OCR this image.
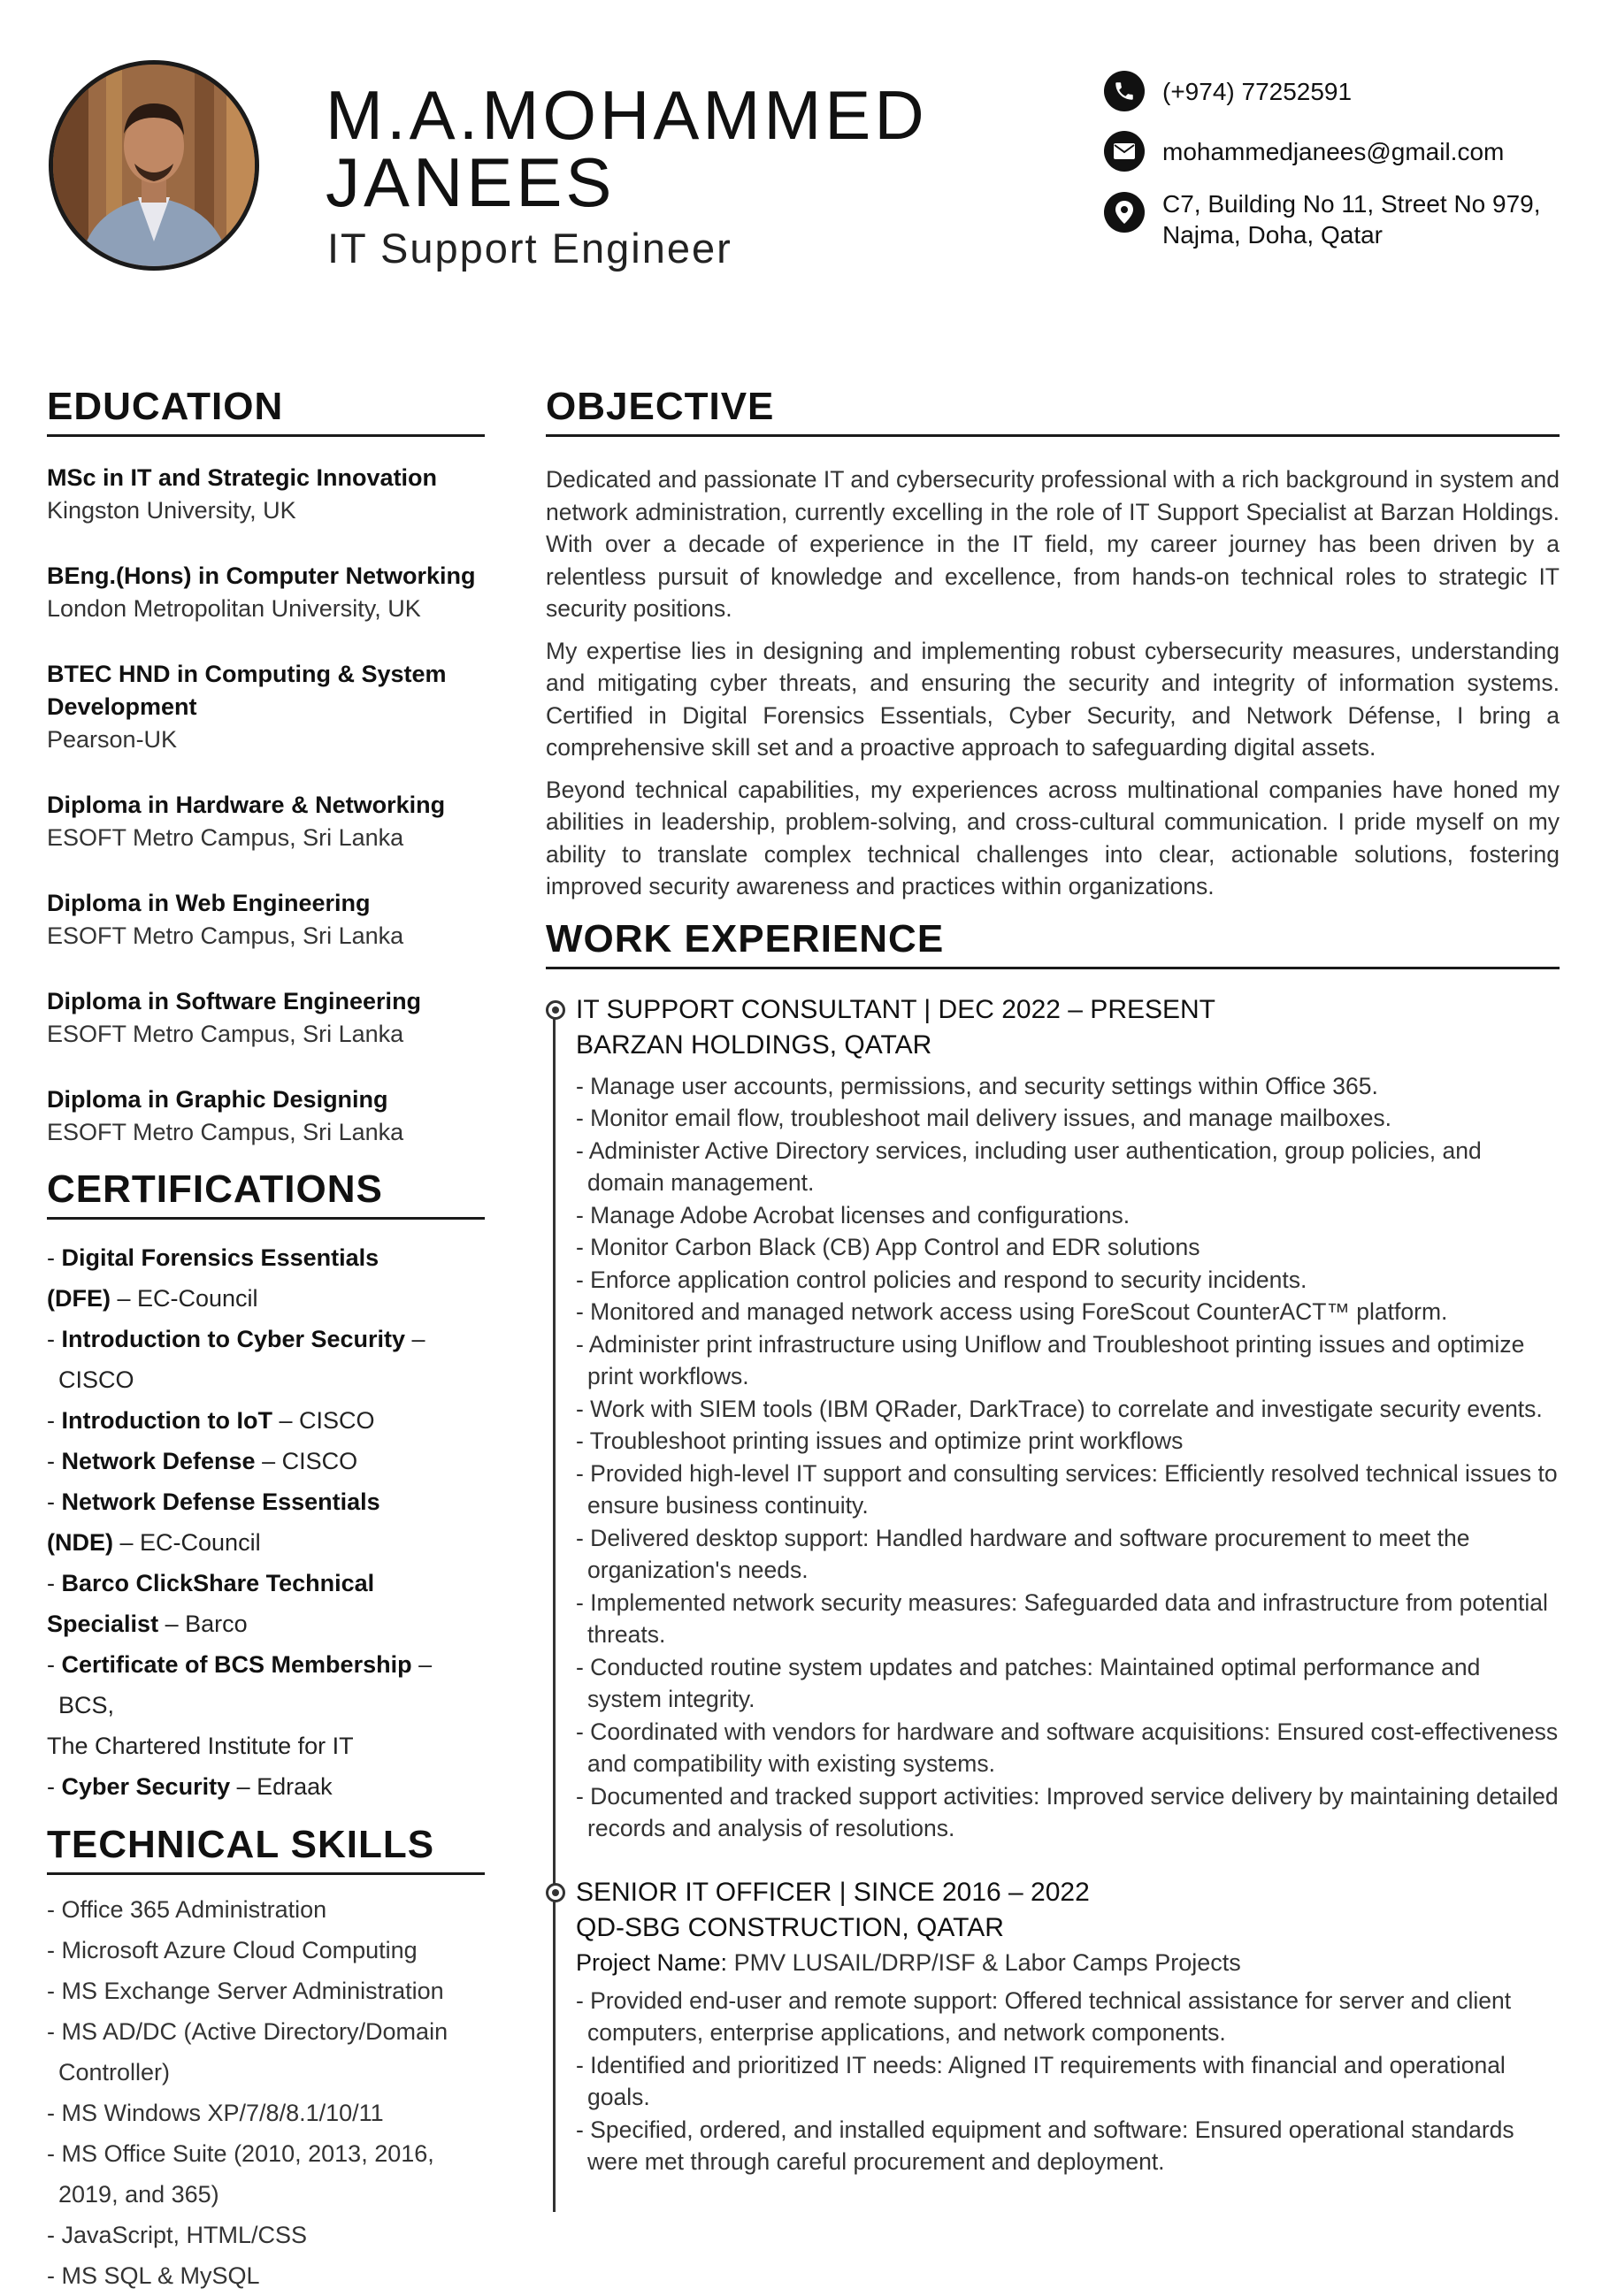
M.A.MOHAMMED
JANEES
IT Support Engineer
(+974) 77252591
mohammedjanees@gmail.com
C7, Building No 11, Street No 979,
Najma, Doha, Qatar
EDUCATION
MSc in IT and Strategic Innovation
Kingston University, UK
BEng.(Hons) in Computer Networking
London Metropolitan University, UK
BTEC HND in Computing & System Development
Pearson-UK
Diploma in Hardware & Networking
ESOFT Metro Campus, Sri Lanka
Diploma in Web Engineering
ESOFT Metro Campus, Sri Lanka
Diploma in Software Engineering
ESOFT Metro Campus, Sri Lanka
Diploma in Graphic Designing
ESOFT Metro Campus, Sri Lanka
CERTIFICATIONS
- Digital Forensics Essentials
(DFE) – EC-Council
- Introduction to Cyber Security – CISCO
- Introduction to IoT – CISCO
- Network Defense – CISCO
- Network Defense Essentials
(NDE) – EC-Council
- Barco ClickShare Technical
Specialist – Barco
- Certificate of BCS Membership – BCS,
The Chartered Institute for IT
- Cyber Security – Edraak
TECHNICAL SKILLS
- Office 365 Administration
- Microsoft Azure Cloud Computing
- MS Exchange Server Administration
- MS AD/DC (Active Directory/Domain Controller)
- MS Windows XP/7/8/8.1/10/11
- MS Office Suite (2010, 2013, 2016, 2019, and 365)
- JavaScript, HTML/CSS
- MS SQL & MySQL
OBJECTIVE

Dedicated and passionate IT and cybersecurity professional with a rich background in system and network administration, currently excelling in the role of IT Support Specialist at Barzan Holdings. With over a decade of experience in the IT field, my career journey has been driven by a relentless pursuit of knowledge and excellence, from hands-on technical roles to strategic IT security positions.

My expertise lies in designing and implementing robust cybersecurity measures, understanding and mitigating cyber threats, and ensuring the security and integrity of information systems. Certified in Digital Forensics Essentials, Cyber Security, and Network Défense, I bring a comprehensive skill set and a proactive approach to safeguarding digital assets.

Beyond technical capabilities, my experiences across multinational companies have honed my abilities in leadership, problem-solving, and cross-cultural communication. I pride myself on my ability to translate complex technical challenges into clear, actionable solutions, fostering improved security awareness and practices within organizations.

WORK EXPERIENCE
IT SUPPORT CONSULTANT | DEC 2022 – PRESENT
BARZAN HOLDINGS, QATAR
- Manage user accounts, permissions, and security settings within Office 365.
- Monitor email flow, troubleshoot mail delivery issues, and manage mailboxes.
- Administer Active Directory services, including user authentication, group policies, and domain management.
- Manage Adobe Acrobat licenses and configurations.
- Monitor Carbon Black (CB) App Control and EDR solutions
- Enforce application control policies and respond to security incidents.
- Monitored and managed network access using ForeScout CounterACT™ platform.
- Administer print infrastructure using Uniflow and Troubleshoot printing issues and optimize print workflows.
- Work with SIEM tools (IBM QRader, DarkTrace) to correlate and investigate security events.
- Troubleshoot printing issues and optimize print workflows
- Provided high-level IT support and consulting services: Efficiently resolved technical issues to ensure business continuity.
- Delivered desktop support: Handled hardware and software procurement to meet the organization's needs.
- Implemented network security measures: Safeguarded data and infrastructure from potential threats.
- Conducted routine system updates and patches: Maintained optimal performance and system integrity.
- Coordinated with vendors for hardware and software acquisitions: Ensured cost-effectiveness and compatibility with existing systems.
- Documented and tracked support activities: Improved service delivery by maintaining detailed records and analysis of resolutions.
SENIOR IT OFFICER | SINCE 2016 – 2022
QD-SBG CONSTRUCTION, QATAR
Project Name: PMV LUSAIL/DRP/ISF & Labor Camps Projects
- Provided end-user and remote support: Offered technical assistance for server and client computers, enterprise applications, and network components.
- Identified and prioritized IT needs: Aligned IT requirements with financial and operational goals.
- Specified, ordered, and installed equipment and software: Ensured operational standards were met through careful procurement and deployment.
